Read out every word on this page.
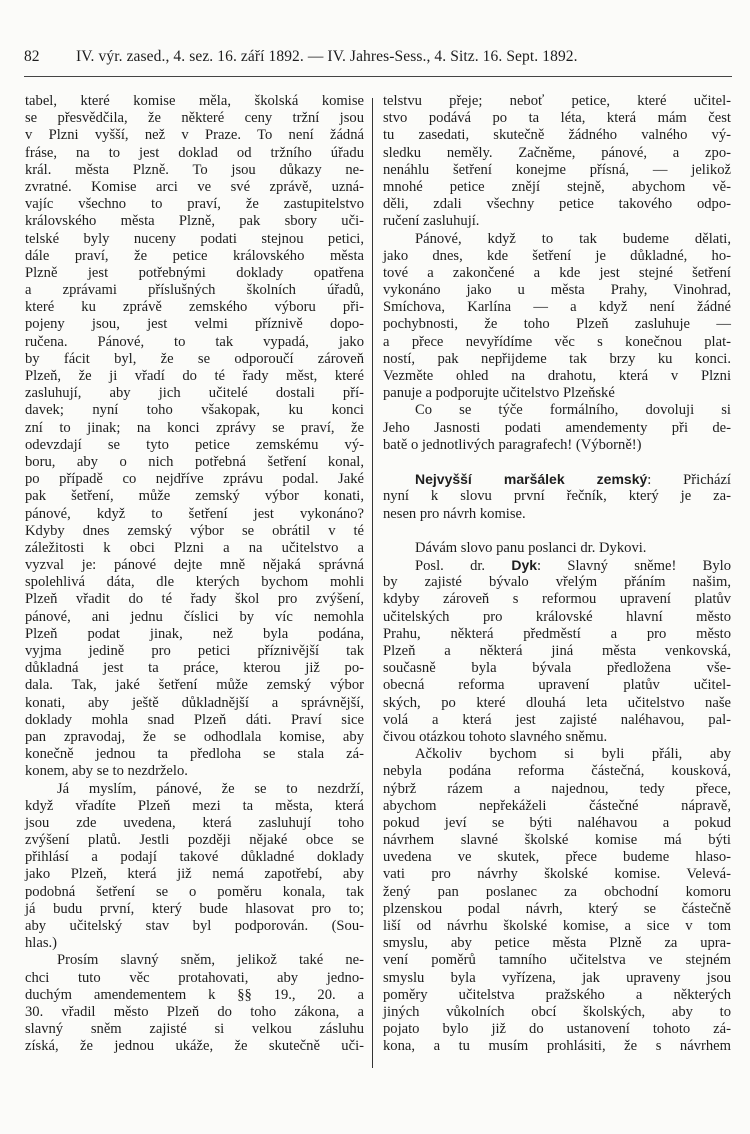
82	IV. výr. zased., 4. sez. 16. září 1892. — IV. Jahres-Sess., 4. Sitz. 16. Sept. 1892.
tabel, které komise měla, školská komise
se přesvědčila, že některé ceny tržní jsou
v Plzni vyšší, než v Praze. To není žádná
fráse, na to jest doklad od tržního úřadu
král. města Plzně. To jsou důkazy ne-
zvratné. Komise arci ve své zprávě, uzná-
vajíc všechno to praví, že zastupitelstvo
královského města Plzně, pak sbory uči-
telské byly nuceny podati stejnou petici,
dále praví, že petice královského města
Plzně jest potřebnými doklady opatřena
a zprávami příslušných školních úřadů,
které ku zprávě zemského výboru při-
pojeny jsou, jest velmi příznivě dopo-
ručena. Pánové, to tak vypadá, jako
by fácit byl, že se odporoučí zároveň
Plzeň, že ji vřadí do té řady měst, které
zasluhují, aby jich učitelé dostali pří-
davek; nyní toho všakopak, ku konci
zní to jinak; na konci zprávy se praví, že
odevzdají se tyto petice zemskému vý-
boru, aby o nich potřebná šetření konal,
po případě co nejdříve zprávu podal. Jaké
pak šetření, může zemský výbor konati,
pánové, když to šetření jest vykonáno?
Kdyby dnes zemský výbor se obrátil v té
záležitosti k obci Plzni a na učitelstvo a
vyzval je: pánové dejte mně nějaká správná
spolehlivá dáta, dle kterých bychom mohli
Plzeň vřadit do té řady škol pro zvýšení,
pánové, ani jednu číslici by víc nemohla
Plzeň podat jinak, než byla podána,
vyjma jedině pro petici příznivější tak
důkladná jest ta práce, kterou již po-
dala. Tak, jaké šetření může zemský výbor
konati, aby ještě důkladnější a správnější,
doklady mohla snad Plzeň dáti. Praví sice
pan zpravodaj, že se odhodlala komise, aby
konečně jednou ta předloha se stala zá-
konem, aby se to nezdrželo.
Já myslím, pánové, že se to nezdrží,
když vřadíte Plzeň mezi ta města, která
jsou zde uvedena, která zasluhují toho
zvýšení platů. Jestli později nějaké obce se
přihlásí a podají takové důkladné doklady
jako Plzeň, která již nemá zapotřebí, aby
podobná šetření se o poměru konala, tak
já budu první, který bude hlasovat pro to;
aby učitelský stav byl podporován. (Sou-
hlas.)
Prosím slavný sněm, jelikož také ne-
chci tuto věc protahovati, aby jedno-
duchým amendementem k §§ 19., 20. a
30. vřadil město Plzeň do toho zákona, a
slavný sněm zajisté si velkou zásluhu
získá, že jednou ukáže, že skutečně uči-
telstvu přeje; neboť petice, které učitel-
stvo podává po ta léta, která mám čest
tu zasedati, skutečně žádného valného vý-
sledku neměly. Začněme, pánové, a zpo-
nenáhlu šetření konejme přísná, — jelikož
mnohé petice znějí stejně, abychom vě-
děli, zdali všechny petice takového odpo-
ručení zasluhují.
Pánové, když to tak budeme dělati,
jako dnes, kde šetření je důkladné, ho-
tové a zakončené a kde jest stejné šetření
vykonáno jako u města Prahy, Vinohrad,
Smíchova, Karlína — a když není žádné
pochybnosti, že toho Plzeň zasluhuje —
a přece nevyřídíme věc s konečnou plat-
ností, pak nepřijdeme tak brzy ku konci.
Vezměte ohled na drahotu, která v Plzni
panuje a podporujte učitelstvo Plzeňské
Co se týče formálního, dovoluji si
Jeho Jasnosti podati amendementy při de-
batě o jednotlivých paragrafech! (Výborně!)
Nejvyšší maršálek zemský: Přichází
nyní k slovu první řečník, který je za-
nesen pro návrh komise.
Dávám slovo panu poslanci dr. Dykovi.
Posl. dr. Dyk: Slavný sněme! Bylo
by zajisté bývalo vřelým přáním našim,
kdyby zároveň s reformou upravení platův
učitelských pro královské hlavní město
Prahu, některá předměstí a pro město
Plzeň a některá jiná města venkovská,
současně byla bývala předložena vše-
obecná reforma upravení platův učitel-
ských, po které dlouhá leta učitelstvo naše
volá a která jest zajisté naléhavou, pal-
čivou otázkou tohoto slavného sněmu.
Ačkoliv bychom si byli přáli, aby
nebyla podána reforma částečná, kousková,
nýbrž rázem a najednou, tedy přece,
abychom nepřekáželi částečné nápravě,
pokud jeví se býti naléhavou a pokud
návrhem slavné školské komise má býti
uvedena ve skutek, přece budeme hlaso-
vati pro návrhy školské komise. Velevá-
žený pan poslanec za obchodní komoru
plzenskou podal návrh, který se částečně
liší od návrhu školské komise, a sice v tom
smyslu, aby petice města Plzně za upra-
vení poměrů tamního učitelstva ve stejném
smyslu byla vyřízena, jak upraveny jsou
poměry učitelstva pražského a některých
jiných vůkolních obcí školských, aby to
pojato bylo již do ustanovení tohoto zá-
kona, a tu musím prohlásiti, že s návrhem
